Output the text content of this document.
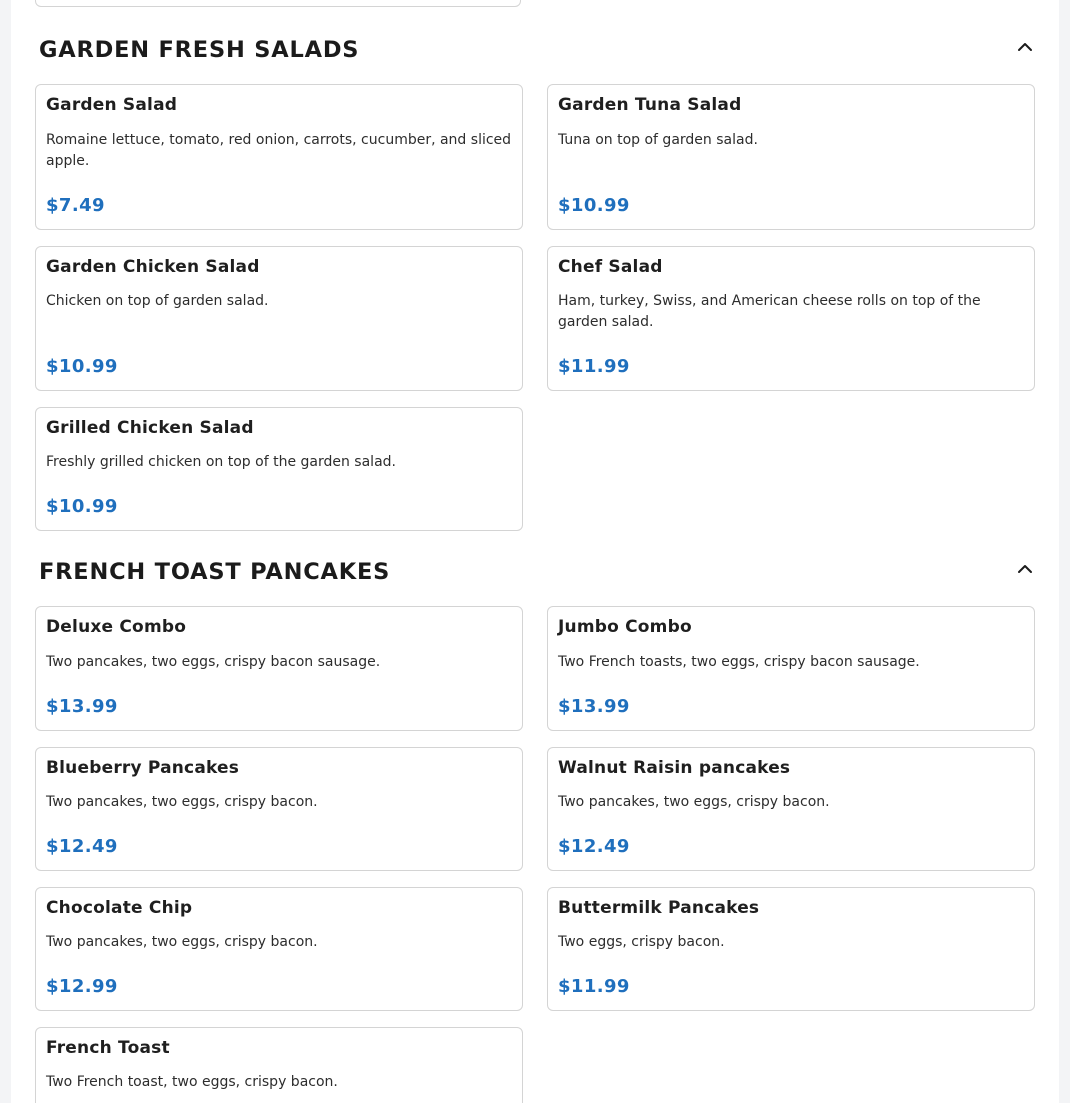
GARDEN FRESH SALADS
Garden Salad
Romaine lettuce, tomato, red onion, carrots, cucumber, and sliced apple.
$7.49
Garden Tuna Salad
Tuna on top of garden salad.
$10.99
Garden Chicken Salad
Chicken on top of garden salad.
$10.99
Chef Salad
Ham, turkey, Swiss, and American cheese rolls on top of the garden salad.
$11.99
Grilled Chicken Salad
Freshly grilled chicken on top of the garden salad.
$10.99
FRENCH TOAST PANCAKES
Deluxe Combo
Two pancakes, two eggs, crispy bacon sausage.
$13.99
Jumbo Combo
Two French toasts, two eggs, crispy bacon sausage.
$13.99
Blueberry Pancakes
Two pancakes, two eggs, crispy bacon.
$12.49
Walnut Raisin pancakes
Two pancakes, two eggs, crispy bacon.
$12.49
Chocolate Chip
Two pancakes, two eggs, crispy bacon.
$12.99
Buttermilk Pancakes
Two eggs, crispy bacon.
$11.99
French Toast
Two French toast, two eggs, crispy bacon.
